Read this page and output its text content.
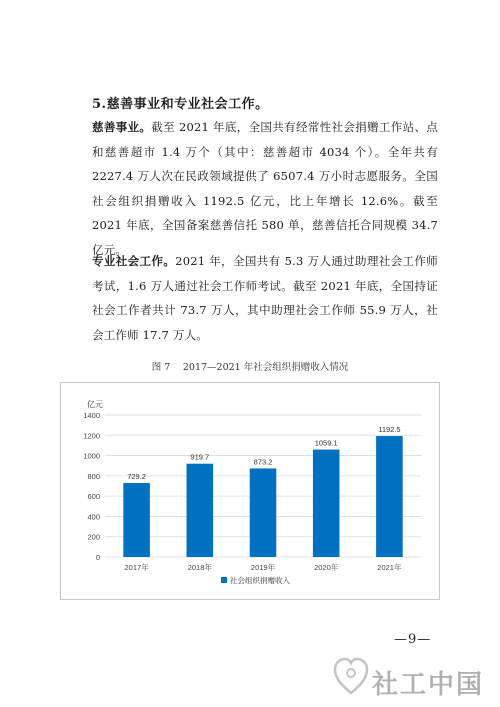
5.慈善事业和专业社会工作。
慈善事业。截至 2021 年底，全国共有经常性社会捐赠工作站、点和慈善超市 1.4 万个（其中：慈善超市 4034 个）。全年共有 2227.4 万人次在民政领域提供了 6507.4 万小时志愿服务。全国社会组织捐赠收入 1192.5 亿元，比上年增长 12.6%。截至 2021 年底，全国备案慈善信托 580 单，慈善信托合同规模 34.7 亿元。
专业社会工作。2021 年，全国共有 5.3 万人通过助理社会工作师考试，1.6 万人通过社会工作师考试。截至 2021 年底，全国持证社会工作者共计 73.7 万人，其中助理社会工作师 55.9 万人，社会工作师 17.7 万人。
图 7　 2017—2021 年社会组织捐赠收入情况
亿元
0
200
400
600
800
1000
1200
1400
729.2
919.7
873.2
1059.1
1192.5
2017年	2018年	2019年	2020年	2021年
社会组织捐赠收入
—9—
社工中国
